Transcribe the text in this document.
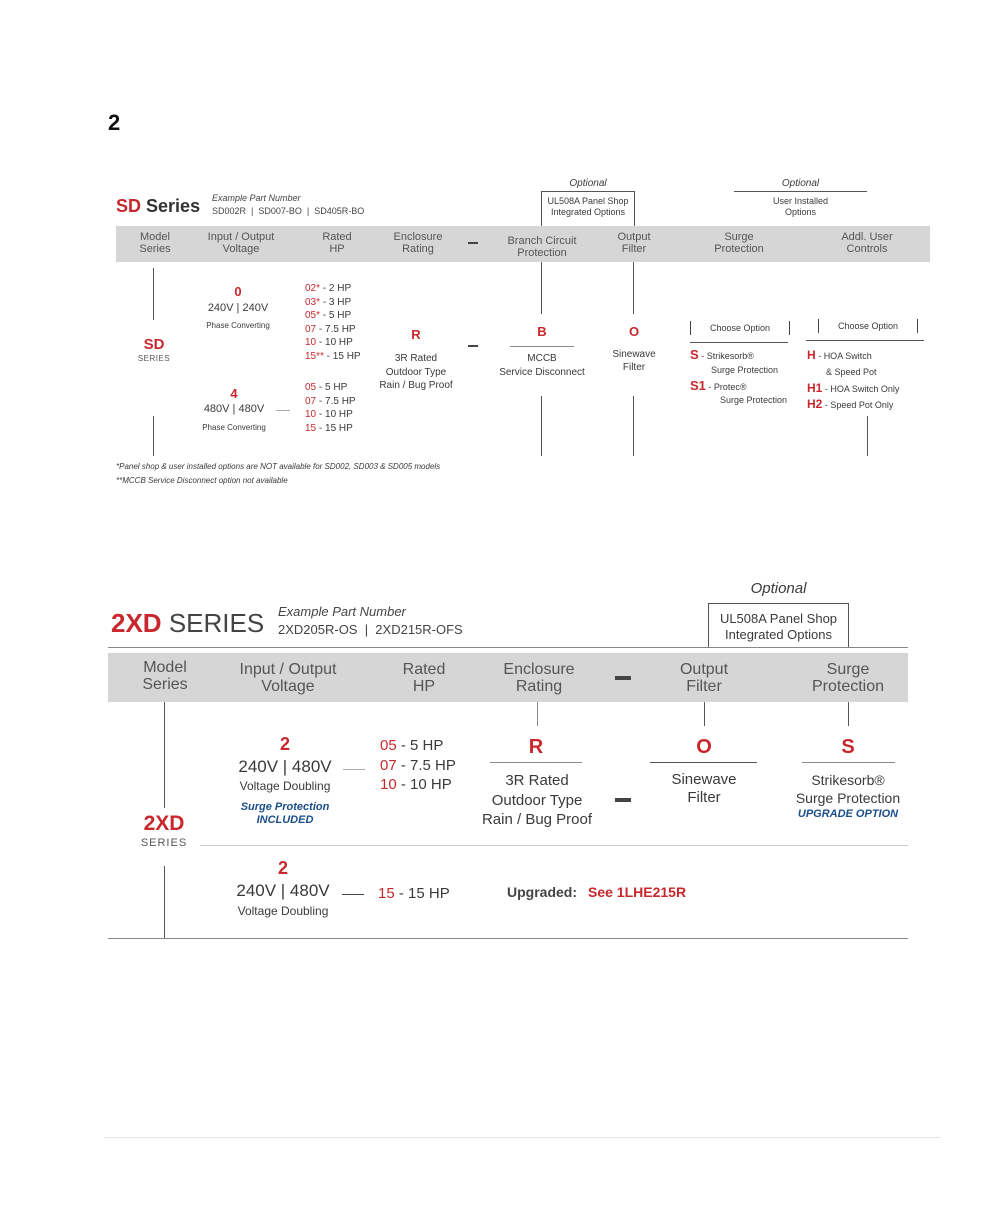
2
SD Series Example Part Number
SD002R  |  SD007-BO  |  SD405R-BO
Optional
UL508A Panel Shop
Integrated Options
Optional
User Installed
Options
Model
Series
Input / Output
Voltage
Rated
HP
Enclosure
Rating
Branch Circuit
Protection
Output
Filter
Surge
Protection
Addl. User
Controls
SD
SERIES
0
240V | 240V
Phase Converting
4
480V | 480V
Phase Converting
02* - 2 HP
03* - 3 HP
05* - 5 HP
07 - 7.5 HP
10 - 10 HP
15** - 15 HP
05 - 5 HP
07 - 7.5 HP
10 - 10 HP
15 - 15 HP
R
3R Rated
Outdoor Type
Rain / Bug Proof
B
MCCB
Service Disconnect
O
Sinewave
Filter
Choose Option	Choose Option
S - Strikesorb®
Surge Protection
S1 - Protec®
Surge Protection
H - HOA Switch
& Speed Pot
H1 - HOA Switch Only
H2 - Speed Pot Only
*Panel shop & user installed options are NOT available for SD002, SD003 & SD005 models
**MCCB Service Disconnect option not available
2XD SERIES Example Part Number
2XD205R-OS  |  2XD215R-OFS
Optional
UL508A Panel Shop
Integrated Options
Model
Series
Input / Output
Voltage
Rated
HP
Enclosure
Rating
Output
Filter
Surge
Protection
2XD
SERIES
2
240V | 480V
Voltage Doubling
Surge Protection
INCLUDED
05 - 5 HP
07 - 7.5 HP
10 - 10 HP
R
3R Rated
Outdoor Type
Rain / Bug Proof
O
Sinewave
Filter
S
Strikesorb®
Surge Protection
UPGRADE OPTION
2
240V | 480V
Voltage Doubling
15 - 15 HP	Upgraded: See 1LHE215R
